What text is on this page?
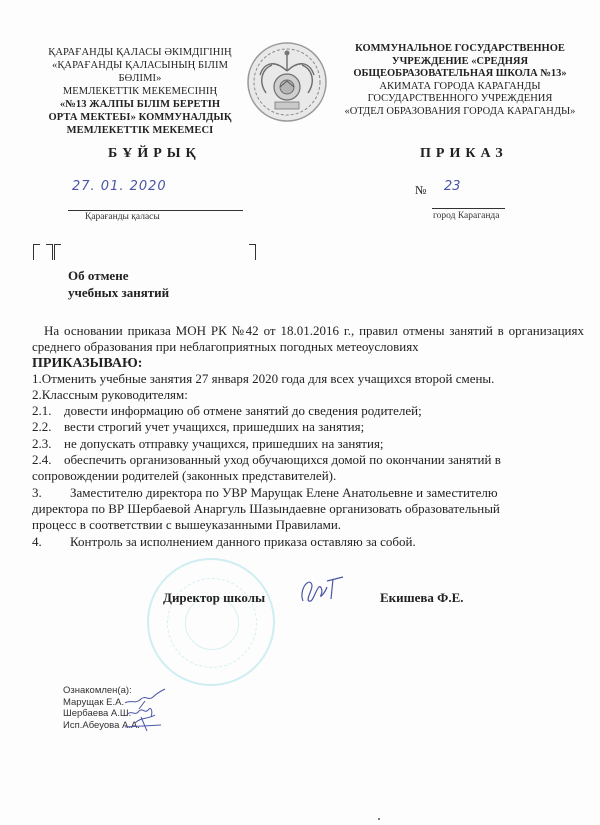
ҚАРАҒАНДЫ ҚАЛАСЫ ӘКІМДІГІНІҢ
«ҚАРАҒАНДЫ ҚАЛАСЫНЫҢ БІЛІМ
БӨЛІМІ»
МЕМЛЕКЕТТІК МЕКЕМЕСІНІҢ
«№13 ЖАЛПЫ БІЛІМ БЕРЕТІН
ОРТА МЕКТЕБІ» КОММУНАЛДЫҚ
МЕМЛЕКЕТТІК МЕКЕМЕСІ
КОММУНАЛЬНОЕ ГОСУДАРСТВЕННОЕ
УЧРЕЖДЕНИЕ «СРЕДНЯЯ
ОБЩЕОБРАЗОВАТЕЛЬНАЯ ШКОЛА №13»
АКИМАТА ГОРОДА КАРАГАНДЫ
ГОСУДАРСТВЕННОГО УЧРЕЖДЕНИЯ
«ОТДЕЛ ОБРАЗОВАНИЯ ГОРОДА КАРАГАНДЫ»
БҰЙРЫҚ	ПРИКАЗ
27. 01. 2020	№ 23
Қарағанды қаласы	город Караганда
Об отмене
учебных занятий

На основании приказа МОН РК №42 от 18.01.2016 г., правил отмены занятий в организациях среднего образования при неблагоприятных погодных метеоусловиях

ПРИКАЗЫВАЮ:

1.Отменить учебные занятия 27 января 2020 года для всех учащихся второй смены.

2.Классным руководителям:

2.1. довести информацию об отмене занятий до сведения родителей;

2.2. вести строгий учет учащихся, пришедших на занятия;

2.3. не допускать отправку учащихся, пришедших на занятия;

2.4. обеспечить организованный уход обучающихся домой по окончании занятий в

сопровождении родителей (законных представителей).

3. Заместителю директора по УВР Марущак Елене Анатольевне и заместителю

директора по ВР Шербаевой Анаргуль Шазындаевне организовать образовательный

процесс в соответствии с вышеуказанными Правилами.

4. Контроль за исполнением данного приказа оставляю за собой.

Директор школы	Екишева Ф.Е.
Ознакомлен(а):
Марущак Е.А.
Шербаева А.Ш.
Исп.Абеуова А.А.
